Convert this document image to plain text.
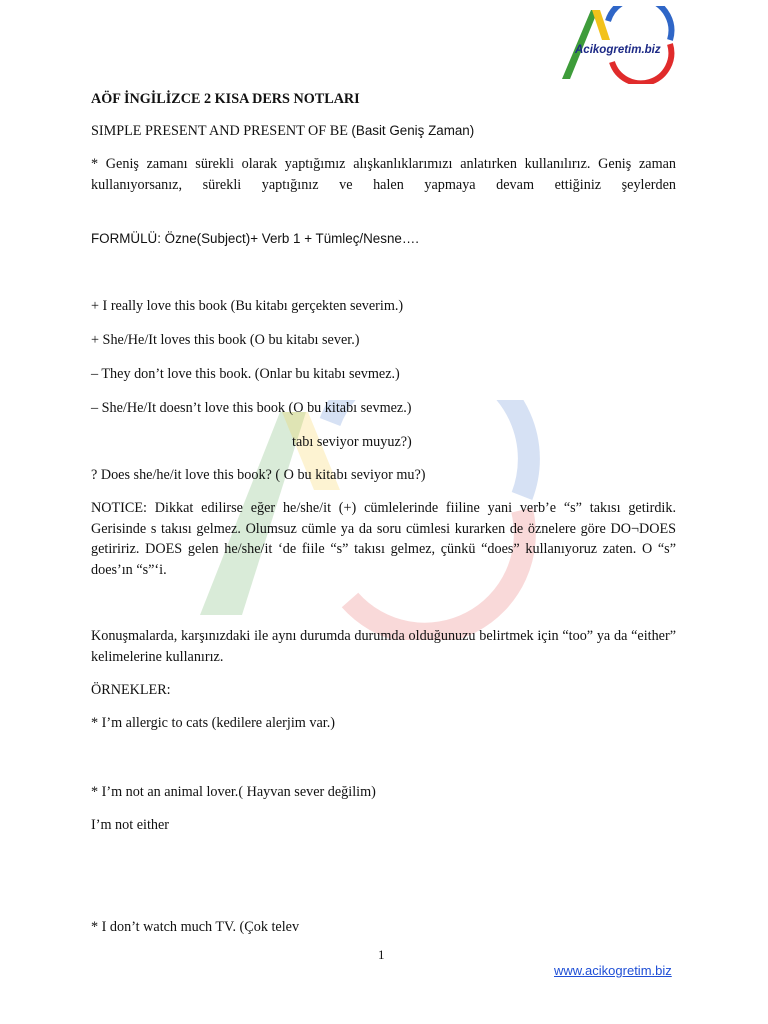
Acikogretim.biz
AÖF İNGİLİZCE 2 KISA DERS NOTLARI
SIMPLE PRESENT AND PRESENT OF BE (Basit Geniş Zaman)
* Geniş zamanı sürekli olarak yaptığımız alışkanlıklarımızı anlatırken kullanılırız. Geniş zaman kullanıyorsanız, sürekli yaptığınız ve halen yapmaya devam ettiğiniz şeylerden
FORMÜLÜ: Özne(Subject)+ Verb 1 + Tümleç/Nesne….
+ I really love this book (Bu kitabı gerçekten severim.)
+ She/He/It loves this book (O bu kitabı sever.)
– They don’t love this book. (Onlar bu kitabı sevmez.)
– She/He/It doesn’t love this book (O bu kitabı sevmez.)
tabı seviyor muyuz?)
? Does she/he/it love this book? ( O bu kitabı seviyor mu?)
NOTICE: Dikkat edilirse eğer he/she/it (+) cümlelerinde fiiline yani verb’e “s” takısı getirdik. Gerisinde s takısı gelmez. Olumsuz cümle ya da soru cümlesi kurarken de öznelere göre DO¬DOES getiririz. DOES gelen he/she/it ‘de fiile “s” takısı gelmez, çünkü “does” kullanıyoruz zaten. O “s” does’ın “s”‘i.
Konuşmalarda, karşınızdaki ile aynı durumda durumda olduğunuzu belirtmek için “too” ya da “either” kelimelerine kullanırız.
ÖRNEKLER:
* I’m allergic to cats (kedilere alerjim var.)
* I’m not an animal lover.( Hayvan sever değilim)
I’m not either
* I don’t watch much TV. (Çok telev
1
www.acikogretim.biz
